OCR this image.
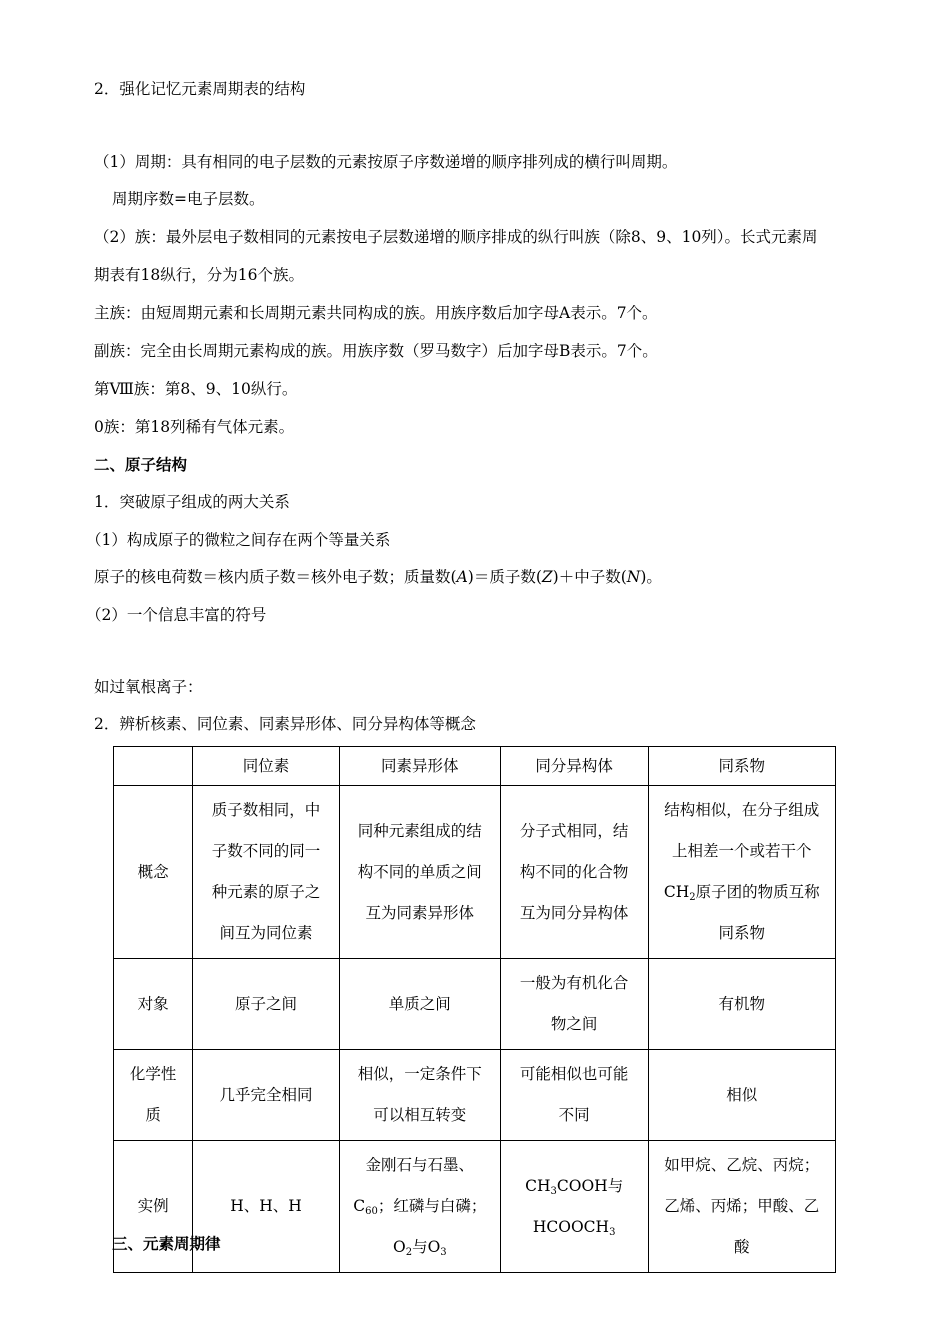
2．强化记忆元素周期表的结构
（1）周期：具有相同的电子层数的元素按原子序数递增的顺序排列成的横行叫周期。
周期序数=电子层数。
（2）族：最外层电子数相同的元素按电子层数递增的顺序排成的纵行叫族（除8、9、10列）。长式元素周
期表有18纵行，分为16个族。
主族：由短周期元素和长周期元素共同构成的族。用族序数后加字母A表示。7个。
副族：完全由长周期元素构成的族。用族序数（罗马数字）后加字母B表示。7个。
第Ⅷ族：第8、9、10纵行。
0族：第18列稀有气体元素。
二、原子结构
1．突破原子组成的两大关系
（1）构成原子的微粒之间存在两个等量关系
原子的核电荷数＝核内质子数＝核外电子数；质量数(A)＝质子数(Z)＋中子数(N)。
（2）一个信息丰富的符号
如过氧根离子：
2．辨析核素、同位素、同素异形体、同分异构体等概念
	同位素	同素异形体	同分异构体	同系物
概念	质子数相同，中子数不同的同一种元素的原子之间互为同位素	同种元素组成的结构不同的单质之间互为同素异形体	分子式相同，结构不同的化合物互为同分异构体	结构相似，在分子组成上相差一个或若干个$CH_2$原子团的物质互称同系物
对象	原子之间	单质之间	一般为有机化合物之间	有机物
化学性质	几乎完全相同	相似，一定条件下可以相互转变	可能相似也可能不同	相似
实例	H、H、H	金刚石与石墨、$C_{60}$；红磷与白磷；$O_2$与$O_3$	$CH_3COOH$与$HCOOCH_3$	如甲烷、乙烷、丙烷；乙烯、丙烯；甲酸、乙酸
三、元素周期律
